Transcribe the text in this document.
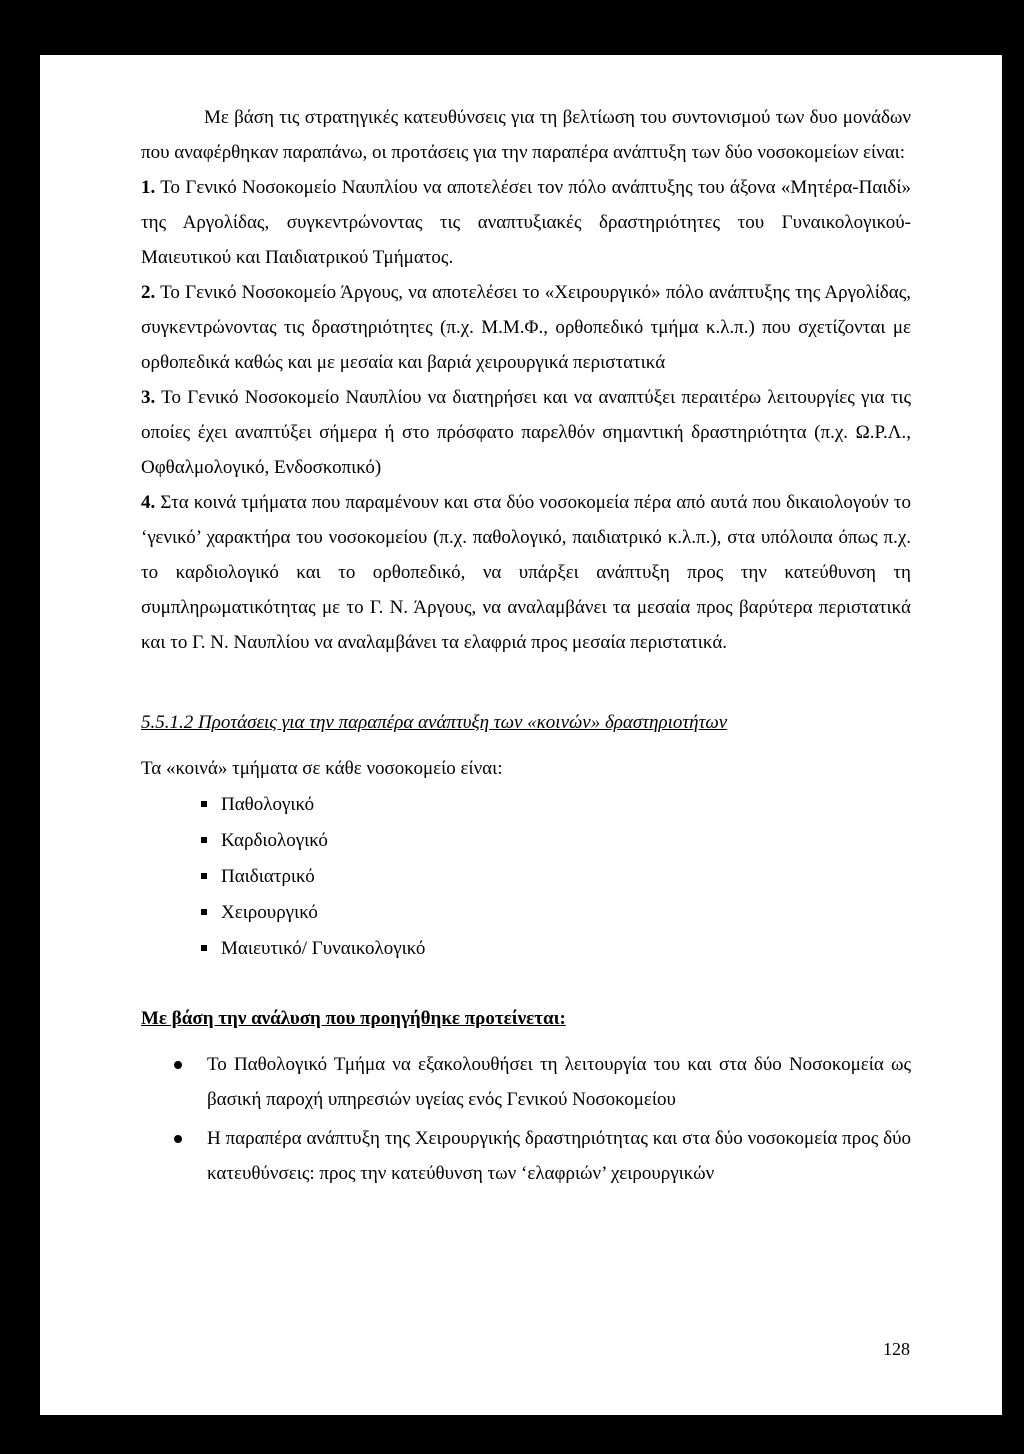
Με βάση τις στρατηγικές κατευθύνσεις για τη βελτίωση του συντονισμού των δυο μονάδων που αναφέρθηκαν παραπάνω, οι προτάσεις για την παραπέρα ανάπτυξη των δύο νοσοκομείων είναι:

1. Το Γενικό Νοσοκομείο Ναυπλίου να αποτελέσει τον πόλο ανάπτυξης του άξονα «Μητέρα-Παιδί» της Αργολίδας, συγκεντρώνοντας τις αναπτυξιακές δραστηριότητες του Γυναικολογικού-Μαιευτικού και Παιδιατρικού Τμήματος.

2. Το Γενικό Νοσοκομείο Άργους, να αποτελέσει το «Χειρουργικό» πόλο ανάπτυξης της Αργολίδας, συγκεντρώνοντας τις δραστηριότητες (π.χ. Μ.Μ.Φ., ορθοπεδικό τμήμα κ.λ.π.) που σχετίζονται με ορθοπεδικά καθώς και με μεσαία και βαριά χειρουργικά περιστατικά

3. Το Γενικό Νοσοκομείο Ναυπλίου να διατηρήσει και να αναπτύξει περαιτέρω λειτουργίες για τις οποίες έχει αναπτύξει σήμερα ή στο πρόσφατο παρελθόν σημαντική δραστηριότητα (π.χ. Ω.Ρ.Λ., Οφθαλμολογικό, Ενδοσκοπικό)

4. Στα κοινά τμήματα που παραμένουν και στα δύο νοσοκομεία πέρα από αυτά που δικαιολογούν το ‘γενικό’ χαρακτήρα του νοσοκομείου (π.χ. παθολογικό, παιδιατρικό κ.λ.π.), στα υπόλοιπα όπως π.χ. το καρδιολογικό και το ορθοπεδικό, να υπάρξει ανάπτυξη προς την κατεύθυνση τη συμπληρωματικότητας με το Γ. Ν. Άργους, να αναλαμβάνει τα μεσαία προς βαρύτερα περιστατικά και το Γ. Ν. Ναυπλίου να αναλαμβάνει τα ελαφριά προς μεσαία περιστατικά.

5.5.1.2 Προτάσεις για την παραπέρα ανάπτυξη των «κοινών» δραστηριοτήτων

Τα «κοινά» τμήματα σε κάθε νοσοκομείο είναι:

Παθολογικό
Καρδιολογικό
Παιδιατρικό
Χειρουργικό
Μαιευτικό/ Γυναικολογικό

Με βάση την ανάλυση που προηγήθηκε προτείνεται:

Το Παθολογικό Τμήμα να εξακολουθήσει τη λειτουργία του και στα δύο Νοσοκομεία ως βασική παροχή υπηρεσιών υγείας ενός Γενικού Νοσοκομείου
Η παραπέρα ανάπτυξη της Χειρουργικής δραστηριότητας και στα δύο νοσοκομεία προς δύο κατευθύνσεις: προς την κατεύθυνση των ‘ελαφριών’ χειρουργικών
128
